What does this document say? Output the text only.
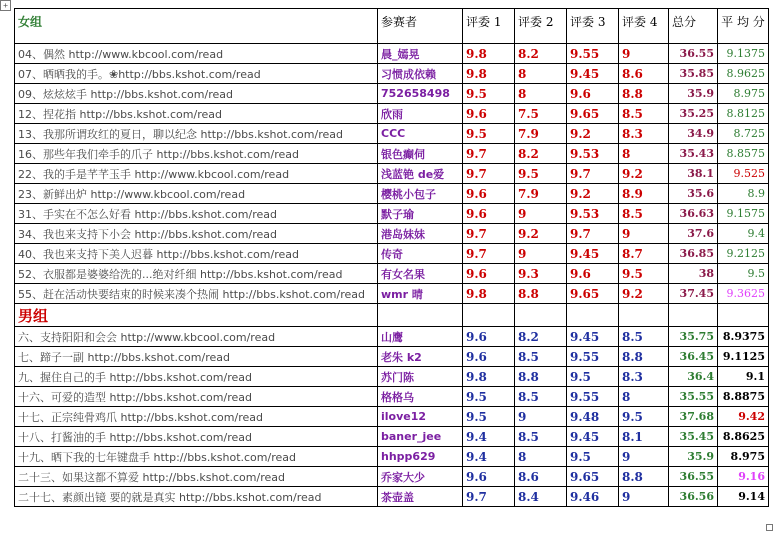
+
女组	参赛者	评委 1	评委 2	评委 3	评委 4	总分	平 均 分
04、偶然 http://www.kbcool.com/read	晨_嫣晃	9.8	8.2	9.55	9	36.55	9.1375
07、晒晒我的手。❀http://bbs.kshot.com/read	习惯成依赖	9.8	8	9.45	8.6	35.85	8.9625
09、炫炫炫手 http://bbs.kshot.com/read	752658498	9.5	8	9.6	8.8	35.9	8.975
12、捏花指 http://bbs.kshot.com/read	欣雨	9.6	7.5	9.65	8.5	35.25	8.8125
13、我那所谓玫红的夏日，聊以纪念 http://bbs.kshot.com/read	CCC	9.5	7.9	9.2	8.3	34.9	8.725
16、那些年我们牵手的爪子 http://bbs.kshot.com/read	银色癫伺	9.7	8.2	9.53	8	35.43	8.8575
22、我的手是芊芊玉手 http://www.kbcool.com/read	浅蓝铯 de爱	9.7	9.5	9.7	9.2	38.1	9.525
23、新鲜出炉 http://www.kbcool.com/read	樱桃小包子	9.6	7.9	9.2	8.9	35.6	8.9
31、手实在不怎么好看 http://bbs.kshot.com/read	默子瑜	9.6	9	9.53	8.5	36.63	9.1575
34、我也来支持下小会 http://bbs.kshot.com/read	港岛妹妹	9.7	9.2	9.7	9	37.6	9.4
40、我也来支持下美人迟暮 http://bbs.kshot.com/read	传奇	9.7	9	9.45	8.7	36.85	9.2125
52、衣服都是婆婆给洗的...绝对纤细 http://bbs.kshot.com/read	有女名果	9.6	9.3	9.6	9.5	38	9.5
55、赶在活动快要结束的时候来凑个热闹 http://bbs.kshot.com/read	wmr 晴	9.8	8.8	9.65	9.2	37.45	9.3625
男组							
六、支持阳阳和会会 http://www.kbcool.com/read	山鹰	9.6	8.2	9.45	8.5	35.75	8.9375
七、蹄子一副 http://bbs.kshot.com/read	老朱 k2	9.6	8.5	9.55	8.8	36.45	9.1125
九、握住自己的手 http://bbs.kshot.com/read	苏门陈	9.8	8.8	9.5	8.3	36.4	9.1
十六、可爱的造型 http://bbs.kshot.com/read	格格乌	9.5	8.5	9.55	8	35.55	8.8875
十七、正宗纯骨鸡爪 http://bbs.kshot.com/read	ilove12	9.5	9	9.48	9.5	37.68	9.42
十八、打酱油的手 http://bbs.kshot.com/read	baner_jee	9.4	8.5	9.45	8.1	35.45	8.8625
十九、晒下我的七年键盘手 http://bbs.kshot.com/read	hhpp629	9.4	8	9.5	9	35.9	8.975
二十三、如果这都不算爱 http://bbs.kshot.com/read	乔家大少	9.6	8.6	9.65	8.8	36.55	9.16
二十七、素颜出镜 要的就是真实 http://bbs.kshot.com/read	茶壶盖	9.7	8.4	9.46	9	36.56	9.14
